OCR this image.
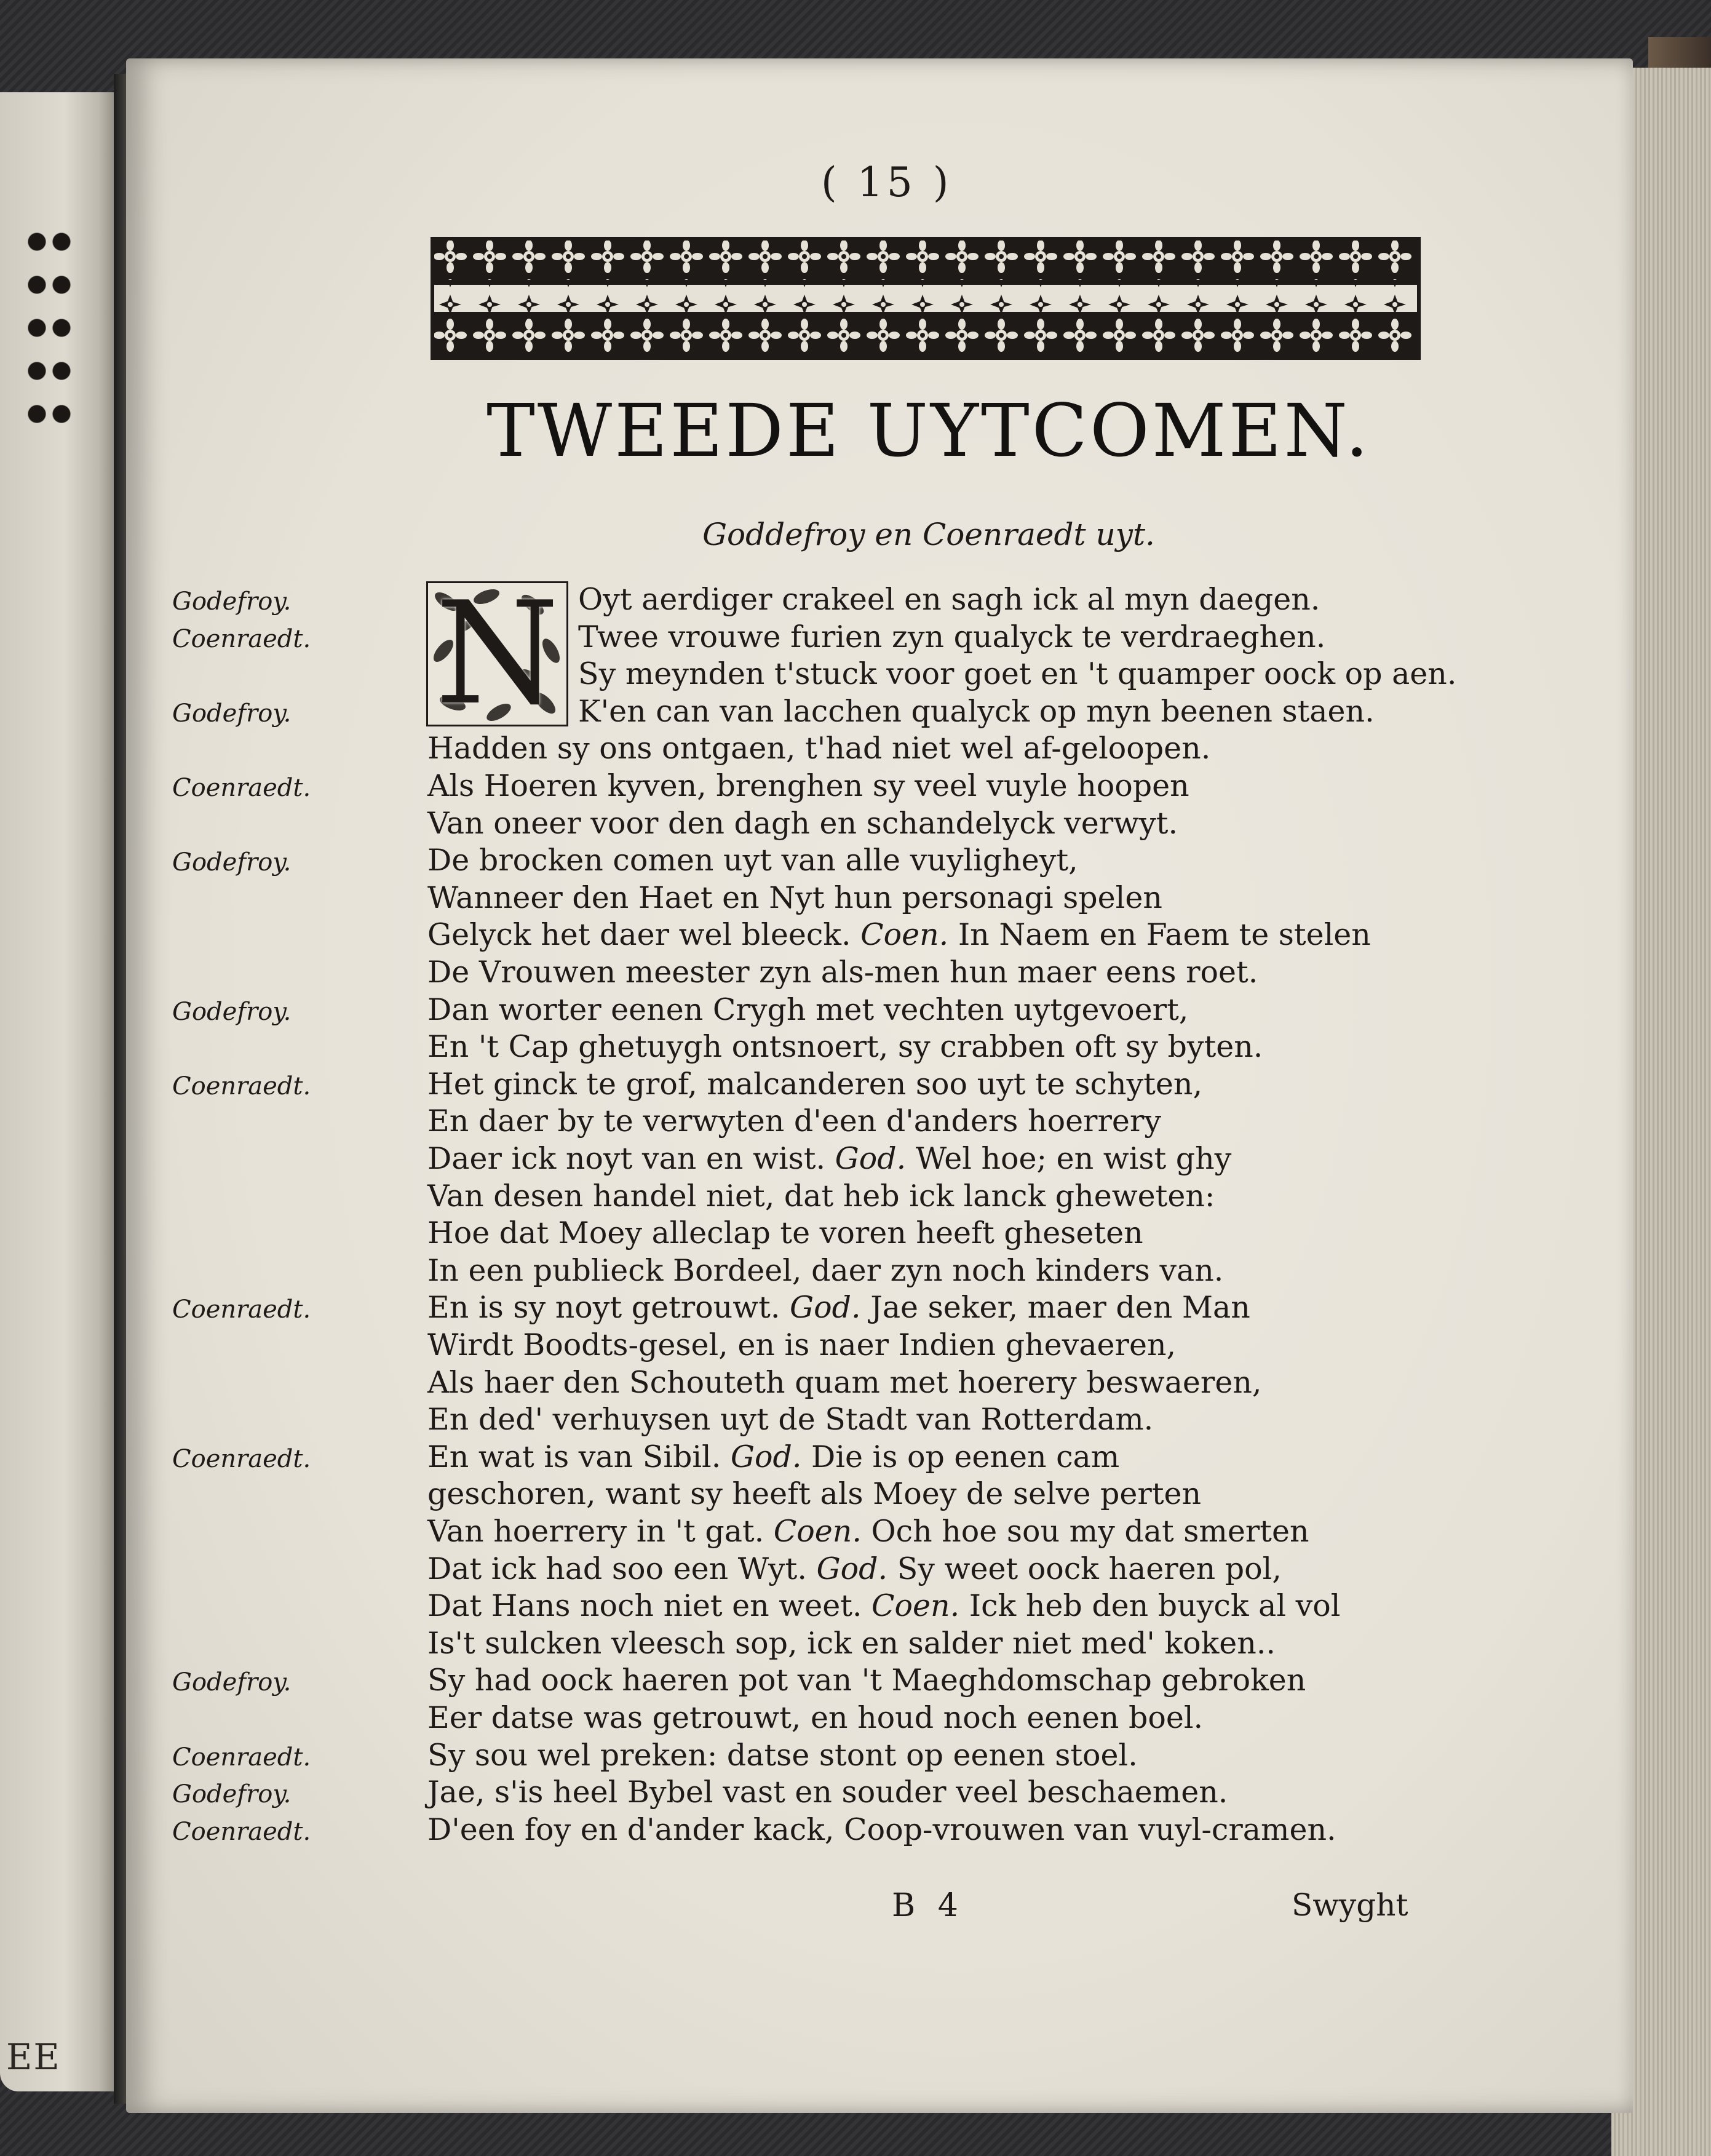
EE
( 15 )
TWEEDE UYTCOMEN.
Goddefroy en Coenraedt uyt.
N Oyt aerdiger crakeel en sagh ick al myn daegen.
Twee vrouwe furien zyn qualyck te verdraeghen.
Sy meynden t'stuck voor goet en 't quamper oock op aen.
K'en can van lacchen qualyck op myn beenen staen.
Hadden sy ons ontgaen, t'had niet wel af-geloopen.
Als Hoeren kyven, brenghen sy veel vuyle hoopen
Van oneer voor den dagh en schandelyck verwyt.
De brocken comen uyt van alle vuyligheyt,
Wanneer den Haet en Nyt hun personagi spelen
Gelyck het daer wel bleeck. Coen. In Naem en Faem te stelen
De Vrouwen meester zyn als-men hun maer eens roet.
Dan worter eenen Crygh met vechten uytgevoert,
En 't Cap ghetuygh ontsnoert, sy crabben oft sy byten.
Het ginck te grof, malcanderen soo uyt te schyten,
En daer by te verwyten d'een d'anders hoerrery
Daer ick noyt van en wist. God. Wel hoe; en wist ghy
Van desen handel niet, dat heb ick lanck gheweten:
Hoe dat Moey alleclap te voren heeft gheseten
In een publieck Bordeel, daer zyn noch kinders van.
En is sy noyt getrouwt. God. Jae seker, maer den Man
Wirdt Boodts-gesel, en is naer Indien ghevaeren,
Als haer den Schouteth quam met hoerery beswaeren,
En ded' verhuysen uyt de Stadt van Rotterdam.
En wat is van Sibil. God. Die is op eenen cam
geschoren, want sy heeft als Moey de selve perten
Van hoerrery in 't gat. Coen. Och hoe sou my dat smerten
Dat ick had soo een Wyt. God. Sy weet oock haeren pol,
Dat Hans noch niet en weet. Coen. Ick heb den buyck al vol
Is't sulcken vleesch sop, ick en salder niet med' koken..
Sy had oock haeren pot van 't Maeghdomschap gebroken
Eer datse was getrouwt, en houd noch eenen boel.
Sy sou wel preken: datse stont op eenen stoel.
Jae, s'is heel Bybel vast en souder veel beschaemen.
D'een foy en d'ander kack, Coop-vrouwen van vuyl-cramen.
Godefroy.
Coenraedt.
Godefroy.
Coenraedt.
Godefroy.
Godefroy.
Coenraedt.
Coenraedt.
Coenraedt.
Godefroy.
Coenraedt.
Godefroy.
Coenraedt.
B 4	Swyght
